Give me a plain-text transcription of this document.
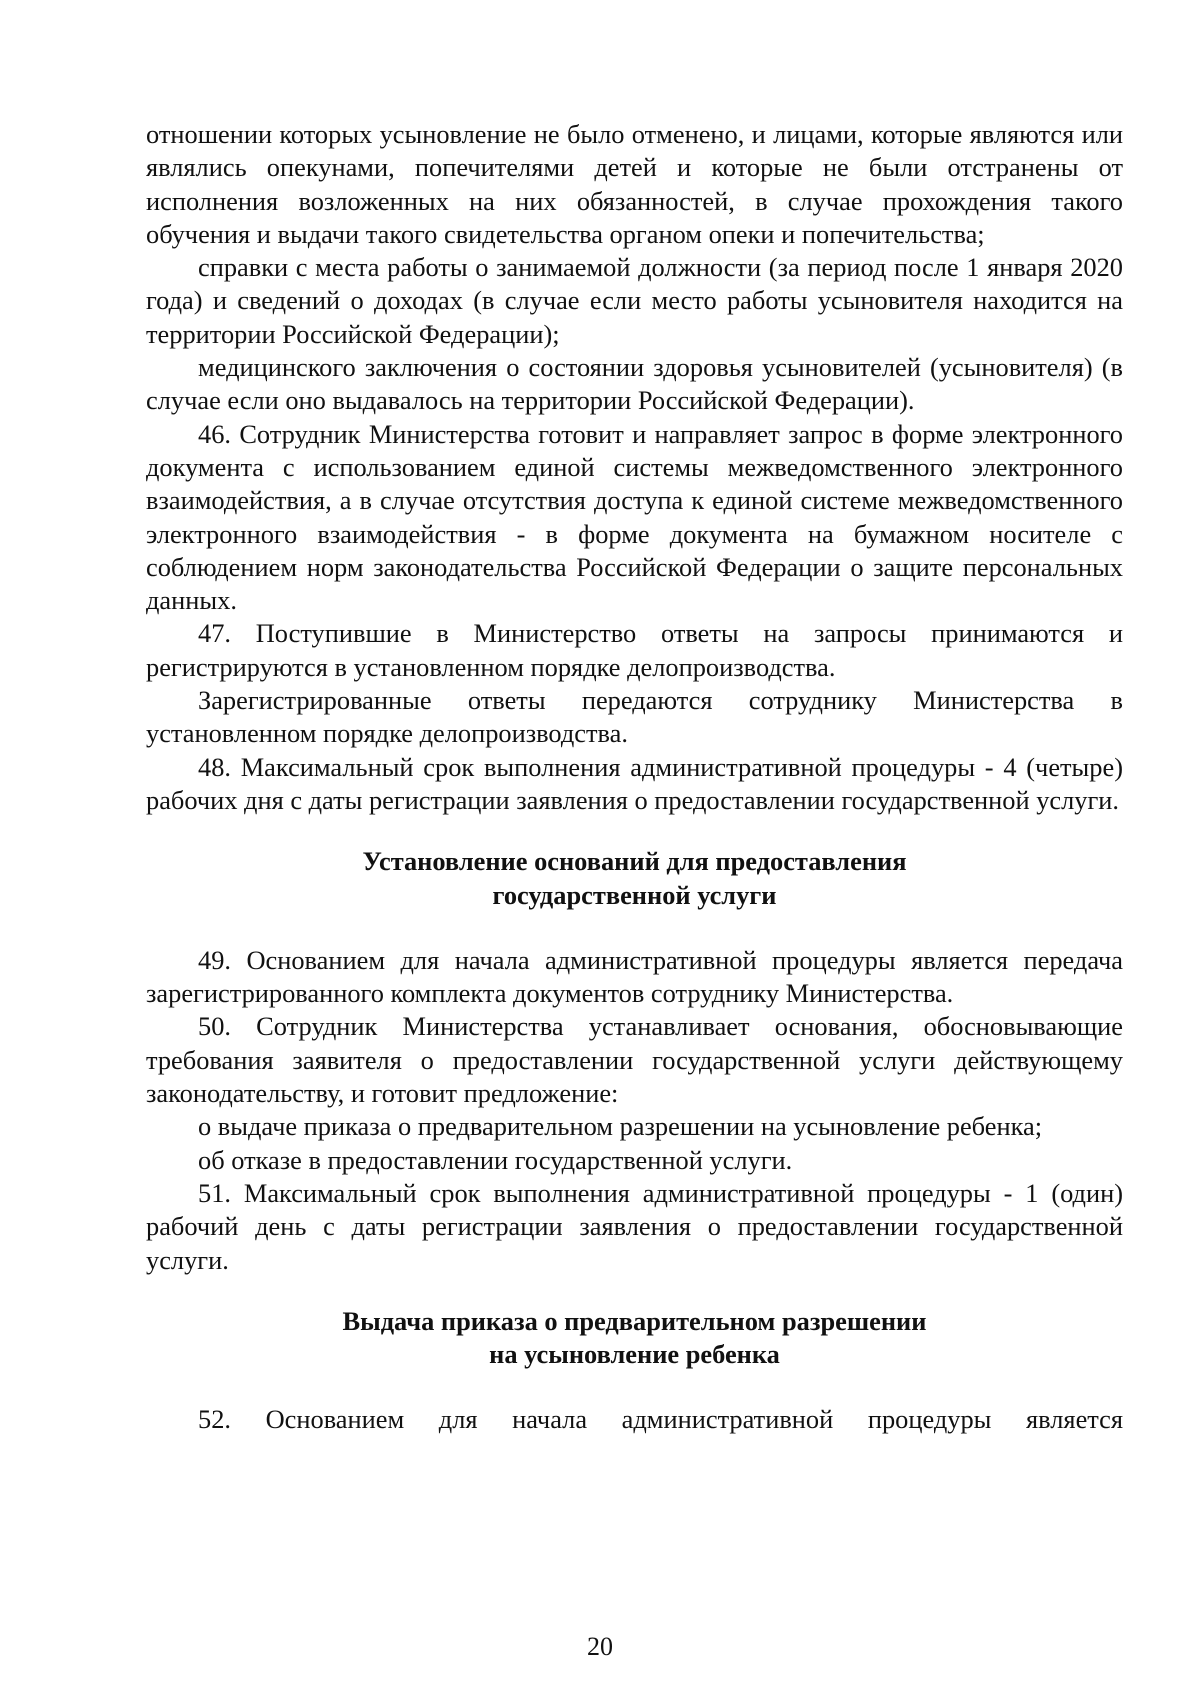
отношении которых усыновление не было отменено, и лицами, которые являются или являлись опекунами, попечителями детей и которые не были отстранены от исполнения возложенных на них обязанностей, в случае прохождения такого обучения и выдачи такого свидетельства органом опеки и попечительства;

справки с места работы о занимаемой должности (за период после 1 января 2020 года) и сведений о доходах (в случае если место работы усыновителя находится на территории Российской Федерации);

медицинского заключения о состоянии здоровья усыновителей (усыновителя) (в случае если оно выдавалось на территории Российской Федерации).

46. Сотрудник Министерства готовит и направляет запрос в форме электронного документа с использованием единой системы межведомственного электронного взаимодействия, а в случае отсутствия доступа к единой системе межведомственного электронного взаимодействия - в форме документа на бумажном носителе с соблюдением норм законодательства Российской Федерации о защите персональных данных.

47. Поступившие в Министерство ответы на запросы принимаются и регистрируются в установленном порядке делопроизводства.

Зарегистрированные ответы передаются сотруднику Министерства в установленном порядке делопроизводства.

48. Максимальный срок выполнения административной процедуры - 4 (четыре) рабочих дня с даты регистрации заявления о предоставлении государственной услуги.

Установление оснований для предоставления
государственной услуги

49. Основанием для начала административной процедуры является передача зарегистрированного комплекта документов сотруднику Министерства.

50. Сотрудник Министерства устанавливает основания, обосновывающие требования заявителя о предоставлении государственной услуги действующему законодательству, и готовит предложение:

о выдаче приказа о предварительном разрешении на усыновление ребенка;

об отказе в предоставлении государственной услуги.

51. Максимальный срок выполнения административной процедуры - 1 (один) рабочий день с даты регистрации заявления о предоставлении государственной услуги.

Выдача приказа о предварительном разрешении
на усыновление ребенка

52. Основанием для начала административной процедуры является

20
